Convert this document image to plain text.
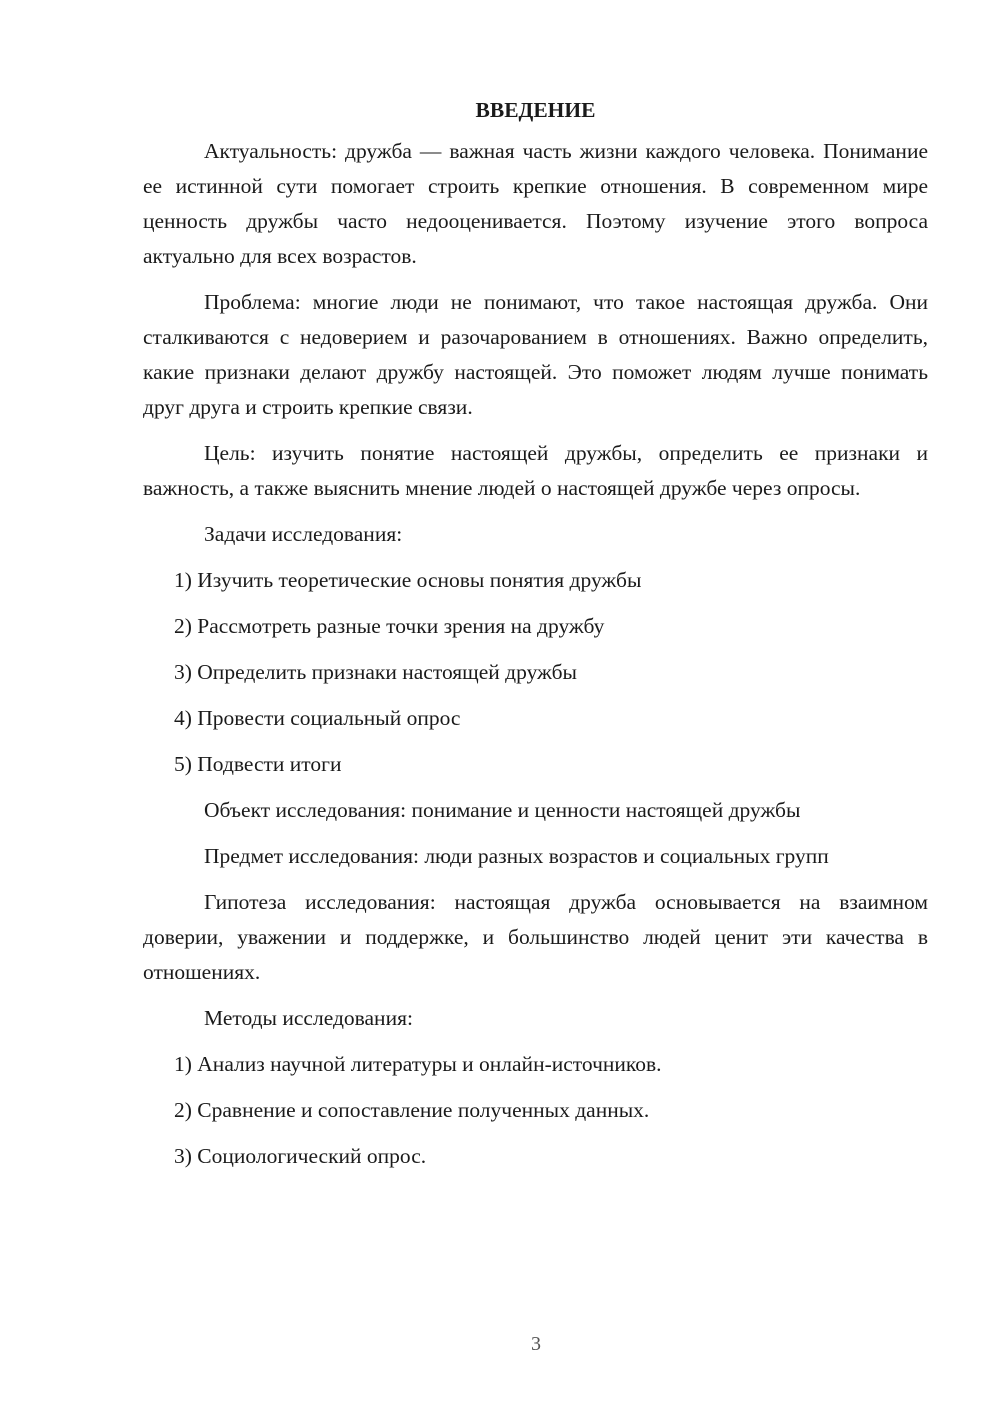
ВВЕДЕНИЕ

Актуальность: дружба — важная часть жизни каждого человека. Понимание ее истинной сути помогает строить крепкие отношения. В современном мире ценность дружбы часто недооценивается. Поэтому изучение этого вопроса актуально для всех возрастов.

Проблема: многие люди не понимают, что такое настоящая дружба. Они сталкиваются с недоверием и разочарованием в отношениях. Важно определить, какие признаки делают дружбу настоящей. Это поможет людям лучше понимать друг друга и строить крепкие связи.

Цель: изучить понятие настоящей дружбы, определить ее признаки и важность, а также выяснить мнение людей о настоящей дружбе через опросы.

Задачи исследования:

1) Изучить теоретические основы понятия дружбы

2) Рассмотреть разные точки зрения на дружбу

3) Определить признаки настоящей дружбы

4) Провести социальный опрос

5) Подвести итоги

Объект исследования: понимание и ценности настоящей дружбы

Предмет исследования: люди разных возрастов и социальных групп

Гипотеза исследования: настоящая дружба основывается на взаимном доверии, уважении и поддержке, и большинство людей ценит эти качества в отношениях.

Методы исследования:

1) Анализ научной литературы и онлайн-источников.

2) Сравнение и сопоставление полученных данных.

3) Социологический опрос.

3
